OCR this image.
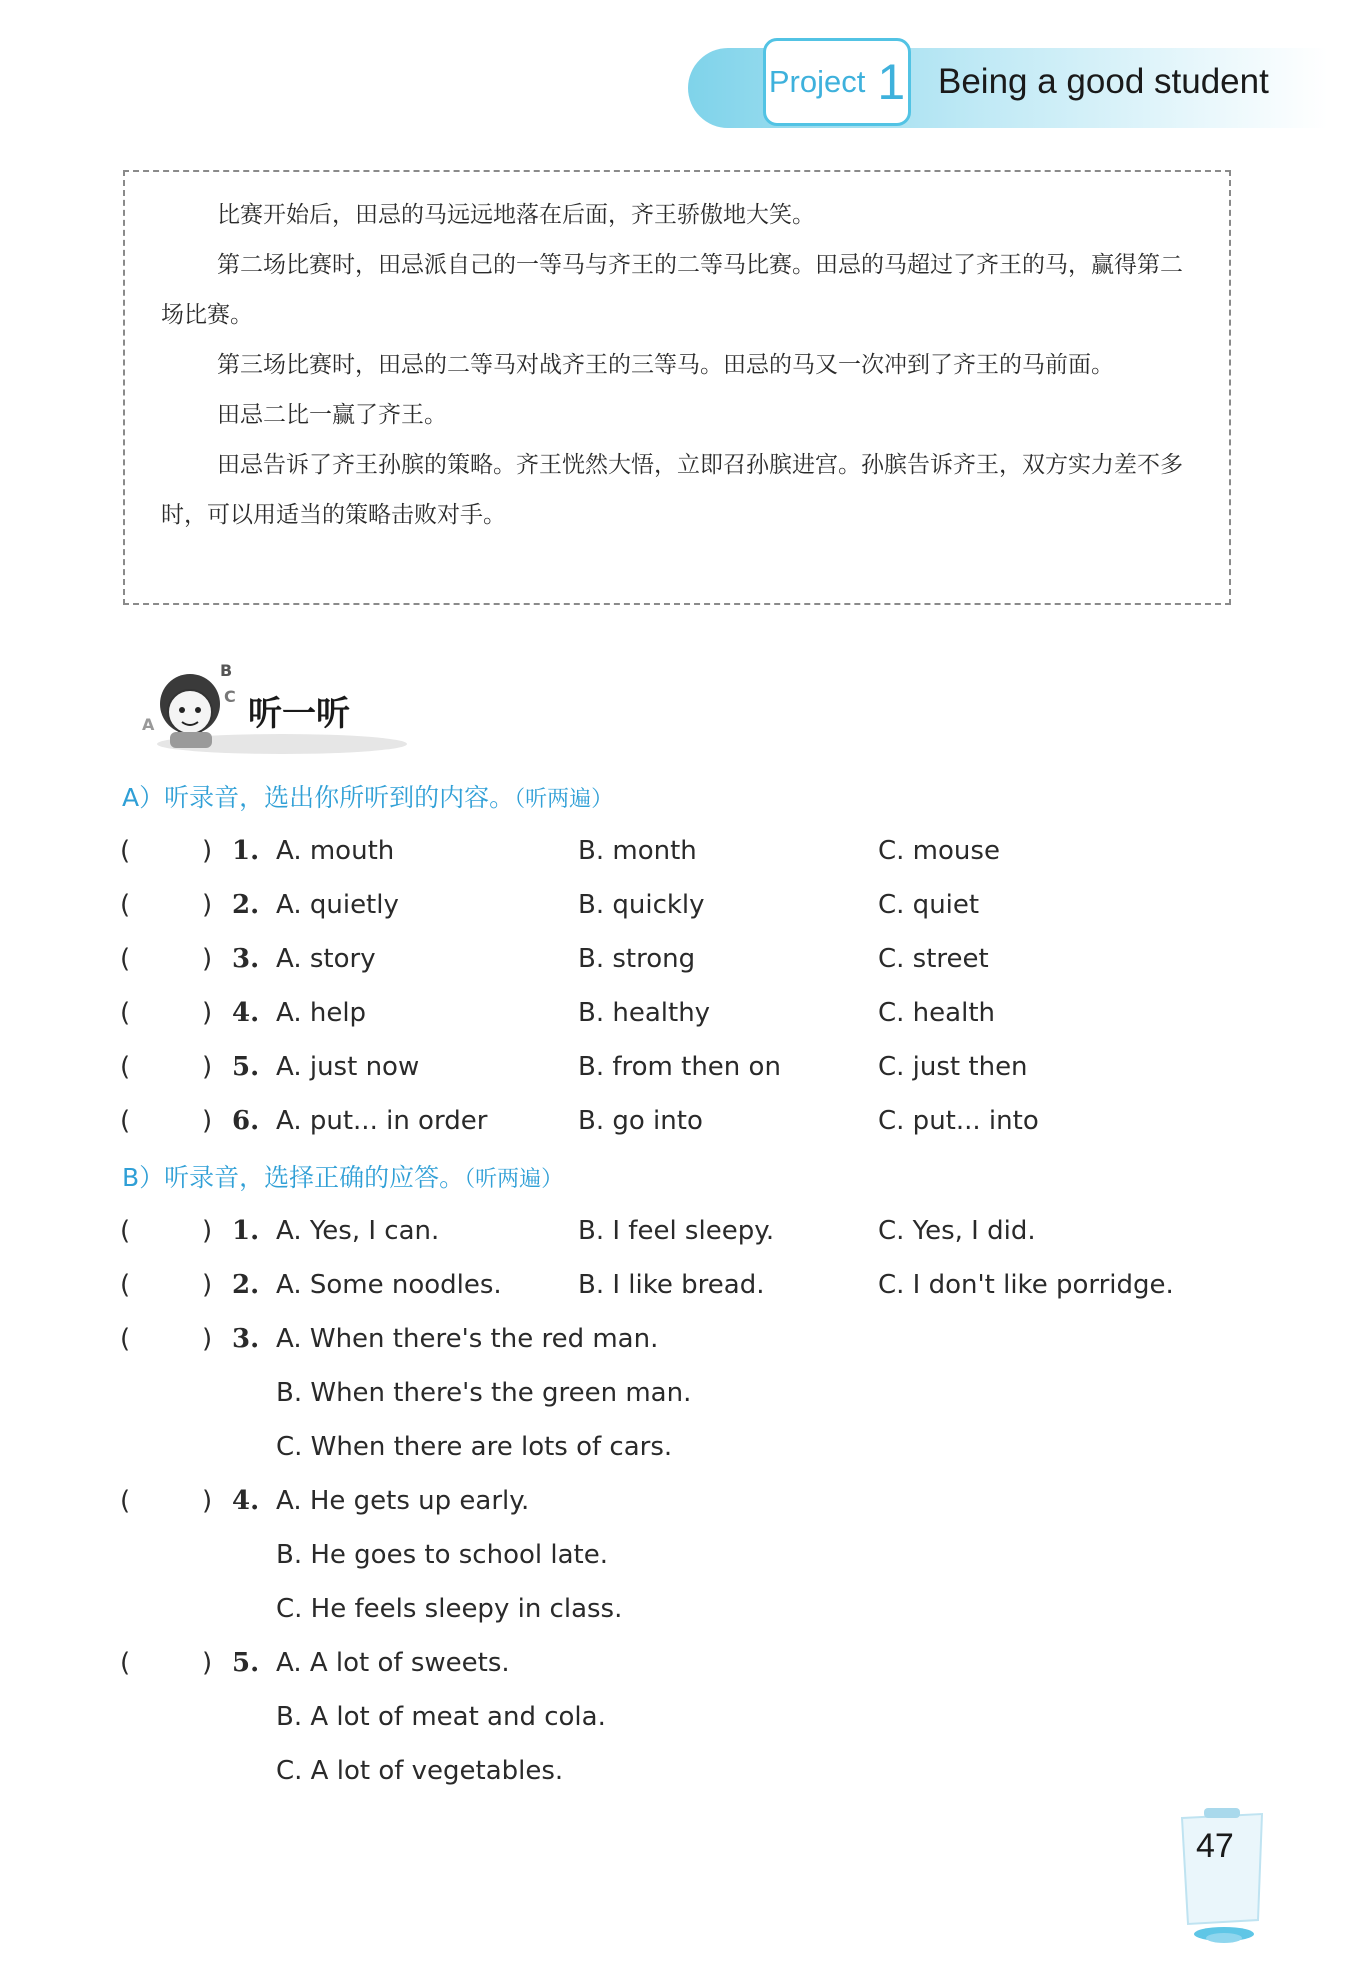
Project 1 Being a good student

比赛开始后，田忌的马远远地落在后面，齐王骄傲地大笑。

第二场比赛时，田忌派自己的一等马与齐王的二等马比赛。田忌的马超过了齐王的马，赢得第二场比赛。

第三场比赛时，田忌的二等马对战齐王的三等马。田忌的马又一次冲到了齐王的马前面。

田忌二比一赢了齐王。

田忌告诉了齐王孙膑的策略。齐王恍然大悟，立即召孙膑进宫。孙膑告诉齐王，双方实力差不多时，可以用适当的策略击败对手。

A
B
C 听一听
A）听录音，选出你所听到的内容。（听两遍）
(	) 1. A. mouth	B. month	C. mouse
(	) 2. A. quietly	B. quickly	C. quiet
(	) 3. A. story	B. strong	C. street
(	) 4. A. help	B. healthy	C. health
(	) 5. A. just now	B. from then on	C. just then
(	) 6. A. put... in order	B. go into	C. put... into
B）听录音，选择正确的应答。（听两遍）
(	) 1. A. Yes, I can.	B. I feel sleepy.	C. Yes, I did.
(	) 2. A. Some noodles.	B. I like bread.	C. I don't like porridge.
(	) 3. A. When there's the red man.
B. When there's the green man.
C. When there are lots of cars.
(	) 4. A. He gets up early.
B. He goes to school late.
C. He feels sleepy in class.
(	) 5. A. A lot of sweets.
B. A lot of meat and cola.
C. A lot of vegetables.
47
